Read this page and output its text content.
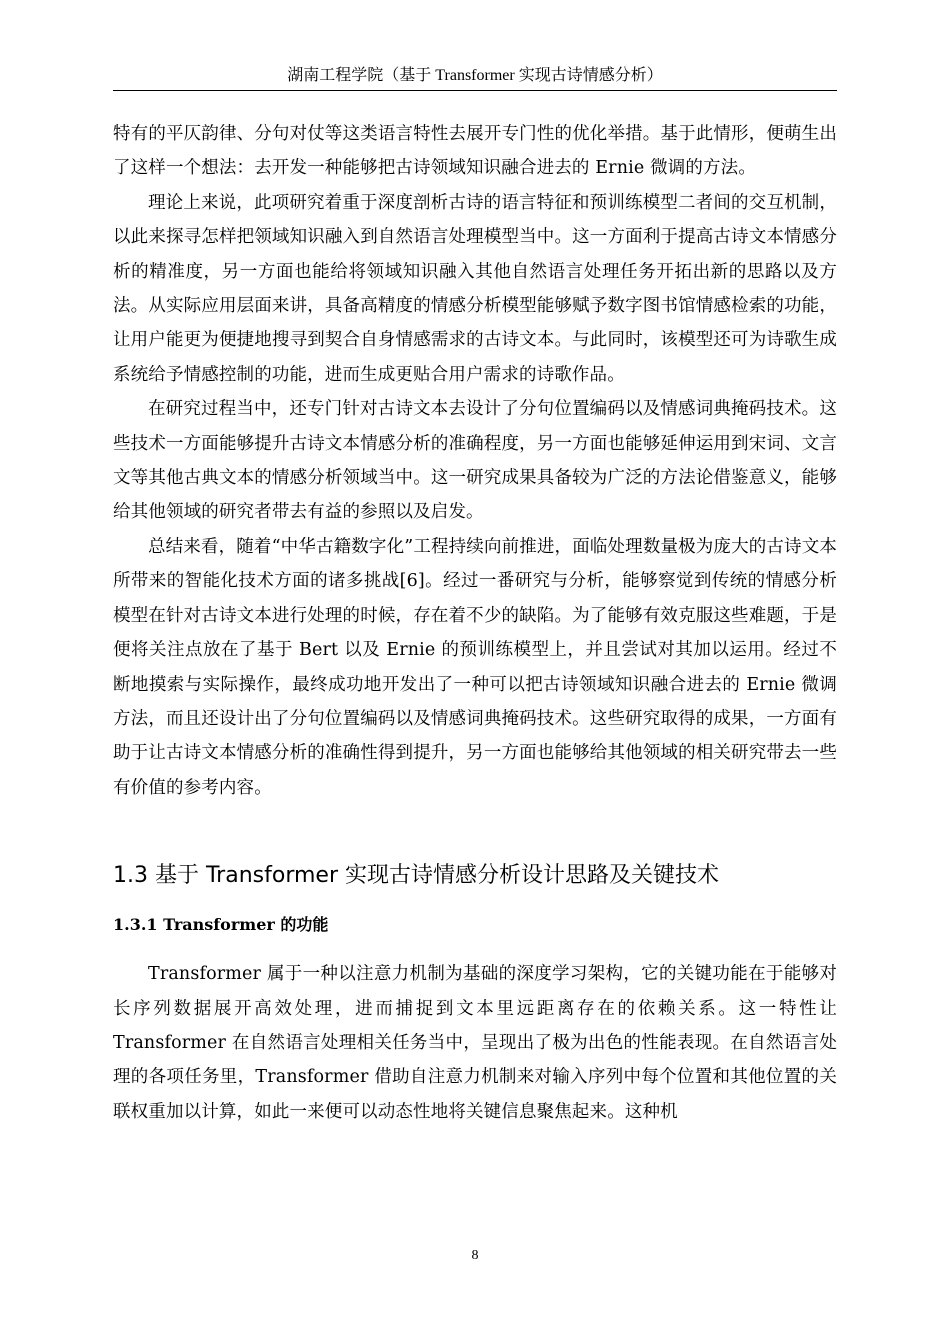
湖南工程学院（基于 Transformer 实现古诗情感分析）

特有的平仄韵律、分句对仗等这类语言特性去展开专门性的优化举措。基于此情形，便萌生出了这样一个想法：去开发一种能够把古诗领域知识融合进去的 Ernie 微调的方法。

理论上来说，此项研究着重于深度剖析古诗的语言特征和预训练模型二者间的交互机制，以此来探寻怎样把领域知识融入到自然语言处理模型当中。这一方面利于提高古诗文本情感分析的精准度，另一方面也能给将领域知识融入其他自然语言处理任务开拓出新的思路以及方法。从实际应用层面来讲，具备高精度的情感分析模型能够赋予数字图书馆情感检索的功能，让用户能更为便捷地搜寻到契合自身情感需求的古诗文本。与此同时，该模型还可为诗歌生成系统给予情感控制的功能，进而生成更贴合用户需求的诗歌作品。

在研究过程当中，还专门针对古诗文本去设计了分句位置编码以及情感词典掩码技术。这些技术一方面能够提升古诗文本情感分析的准确程度，另一方面也能够延伸运用到宋词、文言文等其他古典文本的情感分析领域当中。这一研究成果具备较为广泛的方法论借鉴意义，能够给其他领域的研究者带去有益的参照以及启发。

总结来看，随着“中华古籍数字化”工程持续向前推进，面临处理数量极为庞大的古诗文本所带来的智能化技术方面的诸多挑战[6]。经过一番研究与分析，能够察觉到传统的情感分析模型在针对古诗文本进行处理的时候，存在着不少的缺陷。为了能够有效克服这些难题，于是便将关注点放在了基于 Bert 以及 Ernie 的预训练模型上，并且尝试对其加以运用。经过不断地摸索与实际操作，最终成功地开发出了一种可以把古诗领域知识融合进去的 Ernie 微调方法，而且还设计出了分句位置编码以及情感词典掩码技术。这些研究取得的成果，一方面有助于让古诗文本情感分析的准确性得到提升，另一方面也能够给其他领域的相关研究带去一些有价值的参考内容。

1.3 基于 Transformer 实现古诗情感分析设计思路及关键技术
1.3.1 Transformer 的功能

Transformer 属于一种以注意力机制为基础的深度学习架构，它的关键功能在于能够对长序列数据展开高效处理，进而捕捉到文本里远距离存在的依赖关系。这一特性让 Transformer 在自然语言处理相关任务当中，呈现出了极为出色的性能表现。在自然语言处理的各项任务里，Transformer 借助自注意力机制来对输入序列中每个位置和其他位置的关联权重加以计算，如此一来便可以动态性地将关键信息聚焦起来。这种机

8
